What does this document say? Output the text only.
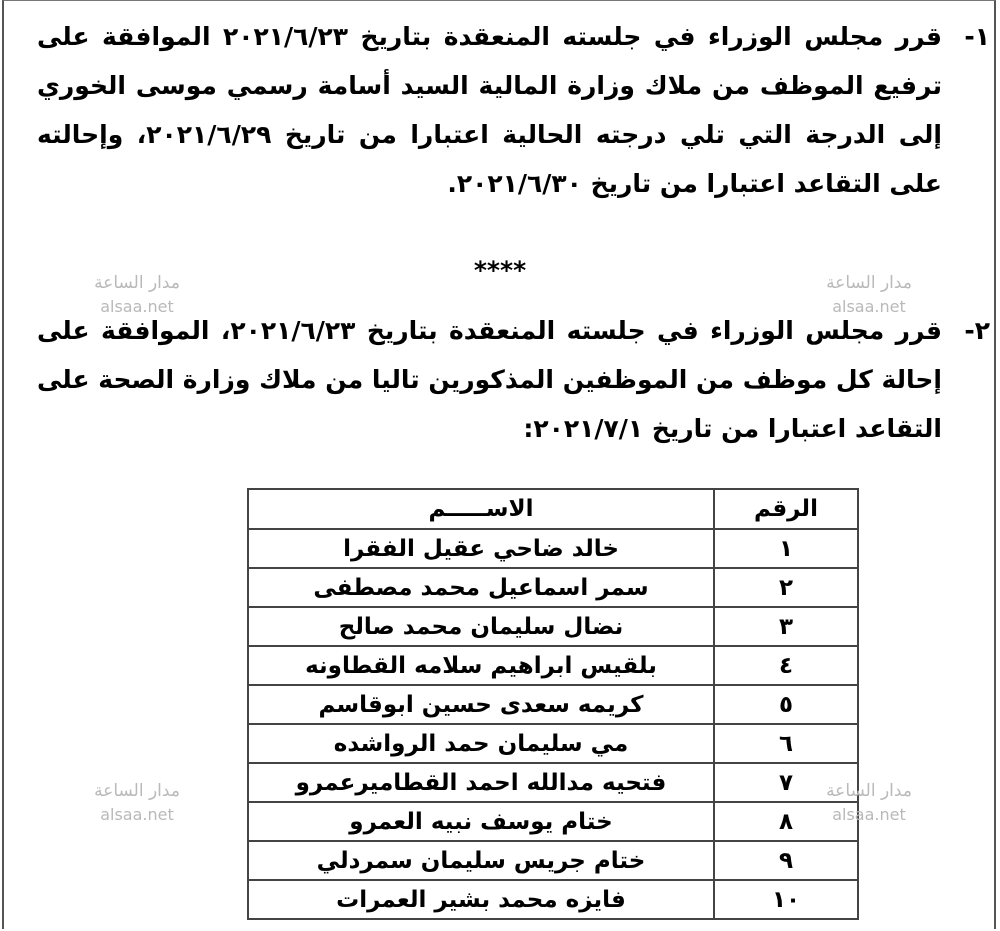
١-
قرر مجلس الوزراء في جلسته المنعقدة بتاريخ ٢٠٢١/٦/٢٣ الموافقة على ترفيع الموظف من ملاك وزارة المالية السيد أسامة رسمي موسى الخوري إلى الدرجة التي تلي درجته الحالية اعتبارا من تاريخ ٢٠٢١/٦/٢٩، وإحالته على التقاعد اعتبارا من تاريخ ٢٠٢١/٦/٣٠.
****
٢-
قرر مجلس الوزراء في جلسته المنعقدة بتاريخ ٢٠٢١/٦/٢٣، الموافقة على إحالة كل موظف من الموظفين المذكورين تاليا من ملاك وزارة الصحة على التقاعد اعتبارا من تاريخ ٢٠٢١/٧/١:
الرقم	الاســـــم
١	خالد ضاحي عقيل الفقرا
٢	سمر اسماعيل محمد مصطفى
٣	نضال سليمان محمد صالح
٤	بلقيس ابراهيم سلامه القطاونه
٥	كريمه سعدى حسين ابوقاسم
٦	مي سليمان حمد الرواشده
٧	فتحيه مدالله احمد القطاميرعمرو
٨	ختام يوسف نبيه العمرو
٩	ختام جريس سليمان سمردلي
١٠	فايزه محمد بشير العمرات
مدار الساعة
alsaa.net
مدار الساعة
alsaa.net
مدار الساعة
alsaa.net
مدار الساعة
alsaa.net
